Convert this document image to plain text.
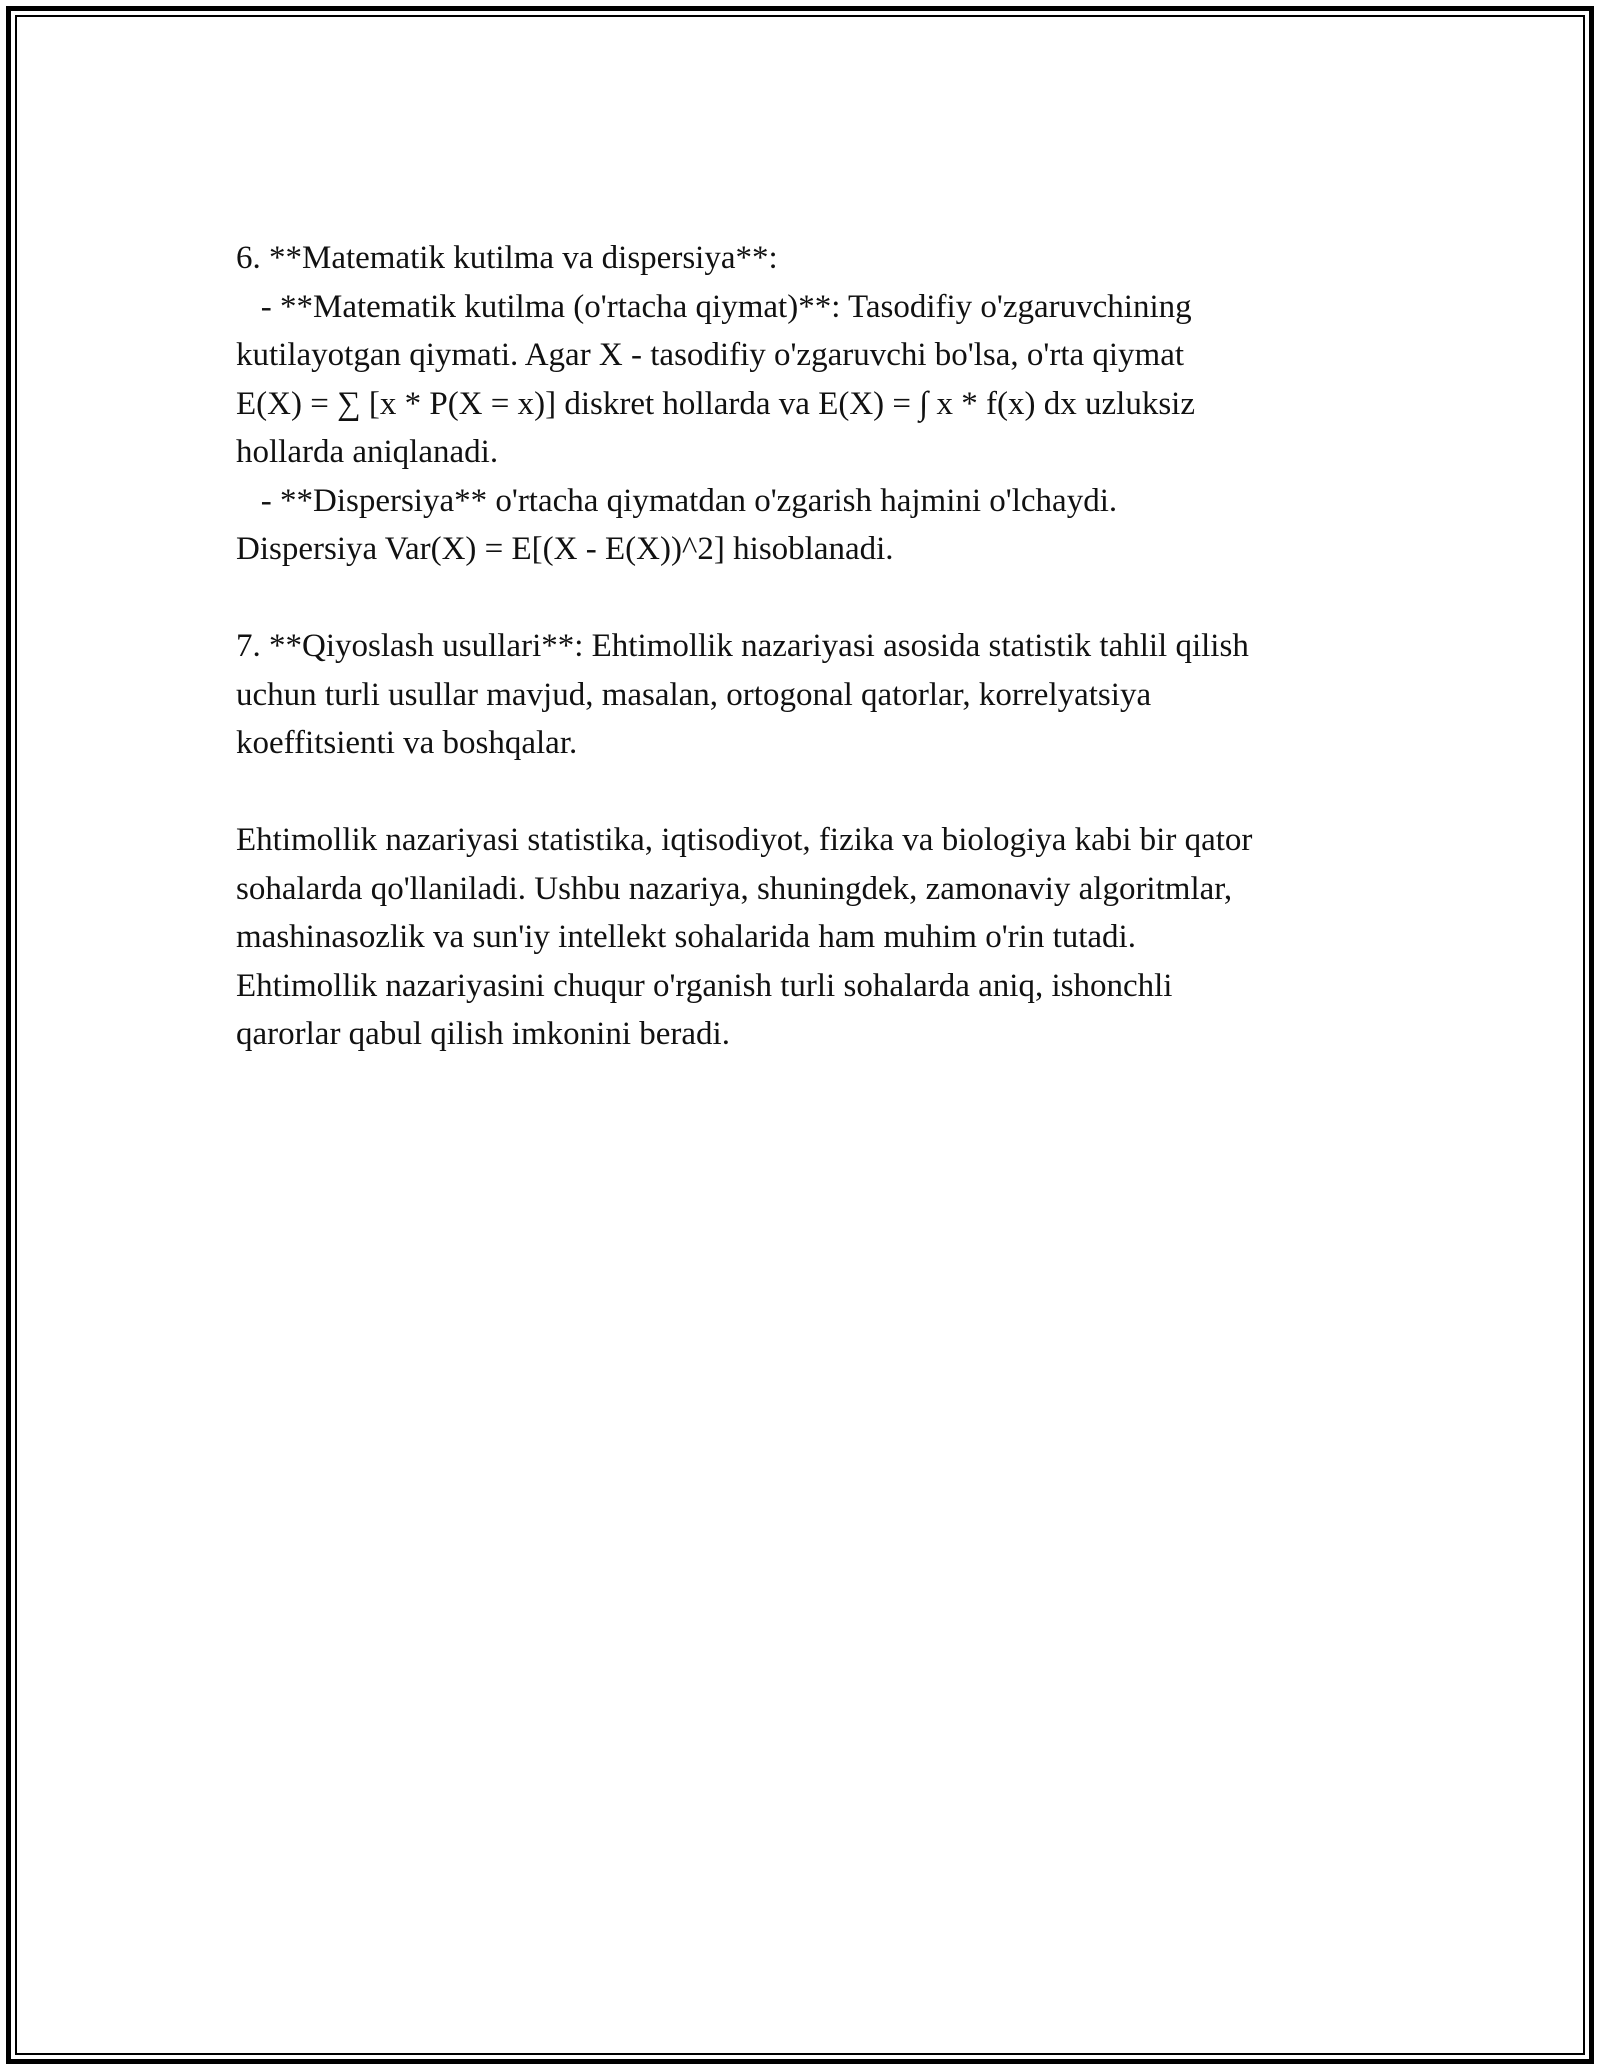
6. **Matematik kutilma va dispersiya**:
- **Matematik kutilma (o'rtacha qiymat)**: Tasodifiy o'zgaruvchining
kutilayotgan qiymati. Agar X - tasodifiy o'zgaruvchi bo'lsa, o'rta qiymat
E(X) = ∑ [x * P(X = x)] diskret hollarda va E(X) = ∫ x * f(x) dx uzluksiz
hollarda aniqlanadi.
- **Dispersiya** o'rtacha qiymatdan o'zgarish hajmini o'lchaydi.
Dispersiya Var(X) = E[(X - E(X))^2] hisoblanadi.
7. **Qiyoslash usullari**: Ehtimollik nazariyasi asosida statistik tahlil qilish
uchun turli usullar mavjud, masalan, ortogonal qatorlar, korrelyatsiya
koeffitsienti va boshqalar.
Ehtimollik nazariyasi statistika, iqtisodiyot, fizika va biologiya kabi bir qator
sohalarda qo'llaniladi. Ushbu nazariya, shuningdek, zamonaviy algoritmlar,
mashinasozlik va sun'iy intellekt sohalarida ham muhim o'rin tutadi.
Ehtimollik nazariyasini chuqur o'rganish turli sohalarda aniq, ishonchli
qarorlar qabul qilish imkonini beradi.
